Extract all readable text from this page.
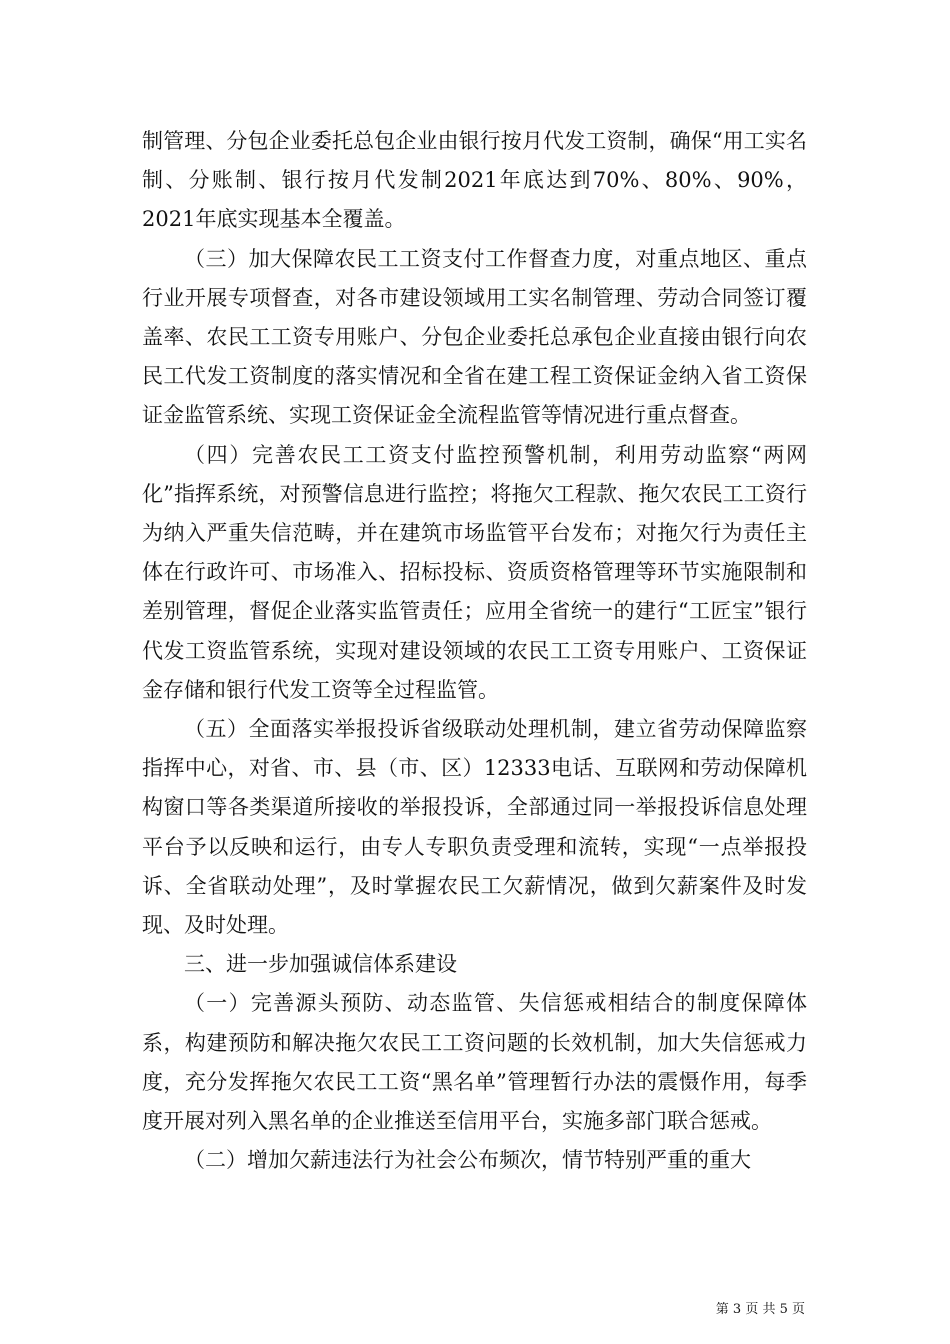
制管理、分包企业委托总包企业由银行按月代发工资制，确保“用工实名制、分账制、银行按月代发制2021年底达到70%、80%、90%，2021年底实现基本全覆盖。

（三）加大保障农民工工资支付工作督查力度，对重点地区、重点行业开展专项督查，对各市建设领域用工实名制管理、劳动合同签订覆盖率、农民工工资专用账户、分包企业委托总承包企业直接由银行向农民工代发工资制度的落实情况和全省在建工程工资保证金纳入省工资保证金监管系统、实现工资保证金全流程监管等情况进行重点督查。

（四）完善农民工工资支付监控预警机制，利用劳动监察“两网化”指挥系统，对预警信息进行监控；将拖欠工程款、拖欠农民工工资行为纳入严重失信范畴，并在建筑市场监管平台发布；对拖欠行为责任主体在行政许可、市场准入、招标投标、资质资格管理等环节实施限制和差别管理，督促企业落实监管责任；应用全省统一的建行“工匠宝”银行代发工资监管系统，实现对建设领域的农民工工资专用账户、工资保证金存储和银行代发工资等全过程监管。

（五）全面落实举报投诉省级联动处理机制，建立省劳动保障监察指挥中心，对省、市、县（市、区）12333电话、互联网和劳动保障机构窗口等各类渠道所接收的举报投诉，全部通过同一举报投诉信息处理平台予以反映和运行，由专人专职负责受理和流转，实现“一点举报投诉、全省联动处理”，及时掌握农民工欠薪情况，做到欠薪案件及时发现、及时处理。

三、进一步加强诚信体系建设

（一）完善源头预防、动态监管、失信惩戒相结合的制度保障体系，构建预防和解决拖欠农民工工资问题的长效机制，加大失信惩戒力度，充分发挥拖欠农民工工资“黑名单”管理暂行办法的震慑作用，每季度开展对列入黑名单的企业推送至信用平台，实施多部门联合惩戒。

（二）增加欠薪违法行为社会公布频次，情节特别严重的重大

第 3 页 共 5 页
